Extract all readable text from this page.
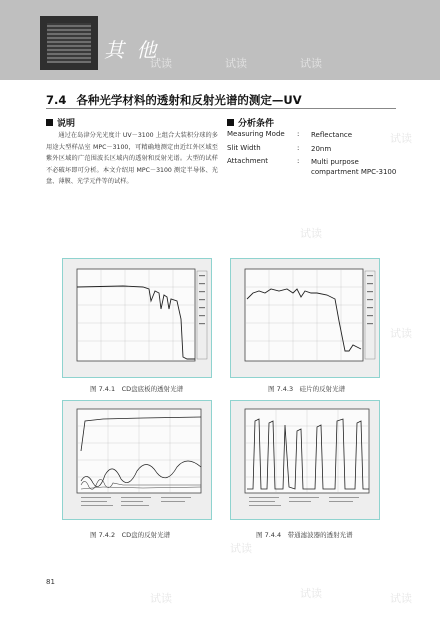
其 他
试读	试读	试读
试读
试读
试读
试读
试读	试读
试读
7.4 各种光学材料的透射和反射光谱的测定—UV
说明
通过在岛津分光光度计 UV－3100 上组合大装积分球的多用途大型样品室 MPC－3100，可精确地测定由近红外区域至紫外区域的广范围波长区域内的透射和反射光谱。大型的试样不必破坏即可分析。本文介绍用 MPC－3100 测定半导体、光盘、薄膜、光学元件等的试样。
分析条件
Measuring Mode	: Reflectance
Slit Width	: 20nm
Attachment	: Multi purpose compartment MPC-3100
图 7.4.1　CD盘底板的透射光谱	图 7.4.3　硅片的反射光谱
图 7.4.2　CD盘的反射光谱	图 7.4.4　带通滤波器的透射光谱
81
